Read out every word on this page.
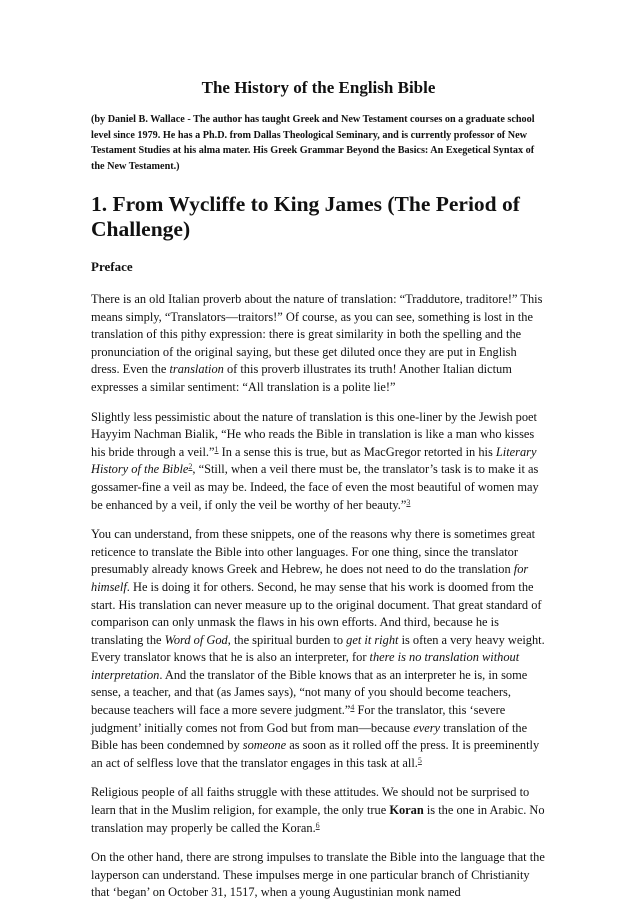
The History of the English Bible
(by Daniel B. Wallace - The author has taught Greek and New Testament courses on a graduate school level since 1979. He has a Ph.D. from Dallas Theological Seminary, and is currently professor of New Testament Studies at his alma mater. His Greek Grammar Beyond the Basics: An Exegetical Syntax of the New Testament.)
1. From Wycliffe to King James (The Period of Challenge)
Preface

There is an old Italian proverb about the nature of translation: “Traddutore, traditore!” This means simply, “Translators—traitors!” Of course, as you can see, something is lost in the translation of this pithy expression: there is great similarity in both the spelling and the pronunciation of the original saying, but these get diluted once they are put in English dress. Even the translation of this proverb illustrates its truth! Another Italian dictum expresses a similar sentiment: “All translation is a polite lie!”

Slightly less pessimistic about the nature of translation is this one-liner by the Jewish poet Hayyim Nachman Bialik, “He who reads the Bible in translation is like a man who kisses his bride through a veil.”$^1$ In a sense this is true, but as MacGregor retorted in his Literary History of the Bible$^2$, “Still, when a veil there must be, the translator’s task is to make it as gossamer-fine a veil as may be. Indeed, the face of even the most beautiful of women may be enhanced by a veil, if only the veil be worthy of her beauty.”$^3$

You can understand, from these snippets, one of the reasons why there is sometimes great reticence to translate the Bible into other languages. For one thing, since the translator presumably already knows Greek and Hebrew, he does not need to do the translation for himself. He is doing it for others. Second, he may sense that his work is doomed from the start. His translation can never measure up to the original document. That great standard of comparison can only unmask the flaws in his own efforts. And third, because he is translating the Word of God, the spiritual burden to get it right is often a very heavy weight. Every translator knows that he is also an interpreter, for there is no translation without interpretation. And the translator of the Bible knows that as an interpreter he is, in some sense, a teacher, and that (as James says), “not many of you should become teachers, because teachers will face a more severe judgment.”$^4$ For the translator, this ‘severe judgment’ initially comes not from God but from man—because every translation of the Bible has been condemned by someone as soon as it rolled off the press. It is preeminently an act of selfless love that the translator engages in this task at all.$^5$

Religious people of all faiths struggle with these attitudes. We should not be surprised to learn that in the Muslim religion, for example, the only true Koran is the one in Arabic. No translation may properly be called the Koran.$^6$

On the other hand, there are strong impulses to translate the Bible into the language that the layperson can understand. These impulses merge in one particular branch of Christianity that ‘began’ on October 31, 1517, when a young Augustinian monk named
